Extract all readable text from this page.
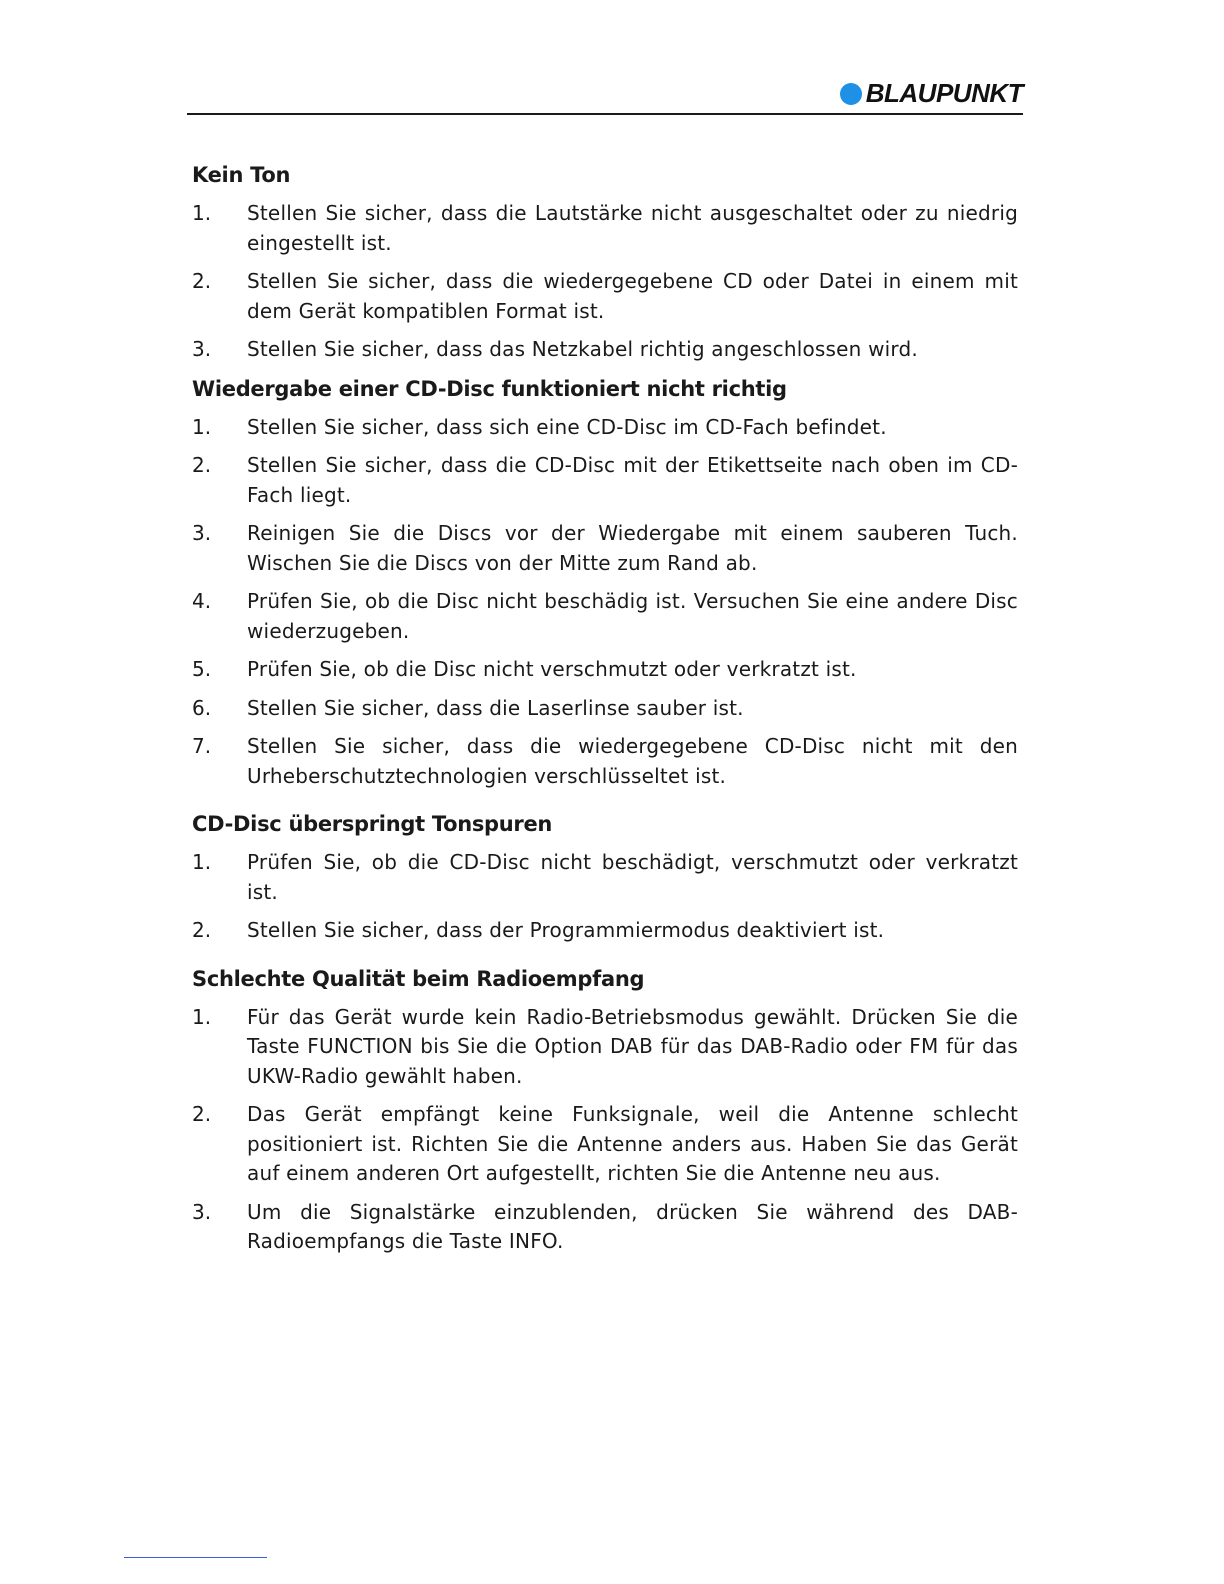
BLAUPUNKT
Kein Ton
1.	Stellen Sie sicher, dass die Lautstärke nicht ausgeschaltet oder zu niedrig eingestellt ist.
2.	Stellen Sie sicher, dass die wiedergegebene CD oder Datei in einem mit dem Gerät kompatiblen Format ist.
3.	Stellen Sie sicher, dass das Netzkabel richtig angeschlossen wird.
Wiedergabe einer CD-Disc funktioniert nicht richtig
1.	Stellen Sie sicher, dass sich eine CD-Disc im CD-Fach befindet.
2.	Stellen Sie sicher, dass die CD-Disc mit der Etikettseite nach oben im CD-Fach liegt.
3.	Reinigen Sie die Discs vor der Wiedergabe mit einem sauberen Tuch. Wischen Sie die Discs von der Mitte zum Rand ab.
4.	Prüfen Sie, ob die Disc nicht beschädig ist. Versuchen Sie eine andere Disc wiederzugeben.
5.	Prüfen Sie, ob die Disc nicht verschmutzt oder verkratzt ist.
6.	Stellen Sie sicher, dass die Laserlinse sauber ist.
7.	Stellen Sie sicher, dass die wiedergegebene CD-Disc nicht mit den Urheberschutztechnologien verschlüsseltet ist.
CD-Disc überspringt Tonspuren
1.	Prüfen Sie, ob die CD-Disc nicht beschädigt, verschmutzt oder verkratzt ist.
2.	Stellen Sie sicher, dass der Programmiermodus deaktiviert ist.
Schlechte Qualität beim Radioempfang
1.	Für das Gerät wurde kein Radio-Betriebsmodus gewählt. Drücken Sie die Taste FUNCTION bis Sie die Option DAB für das DAB-Radio oder FM für das UKW-Radio gewählt haben.
2.	Das Gerät empfängt keine Funksignale, weil die Antenne schlecht positioniert ist. Richten Sie die Antenne anders aus. Haben Sie das Gerät auf einem anderen Ort aufgestellt, richten Sie die Antenne neu aus.
3.	Um die Signalstärke einzublenden, drücken Sie während des DAB-Radioempfangs die Taste INFO.
